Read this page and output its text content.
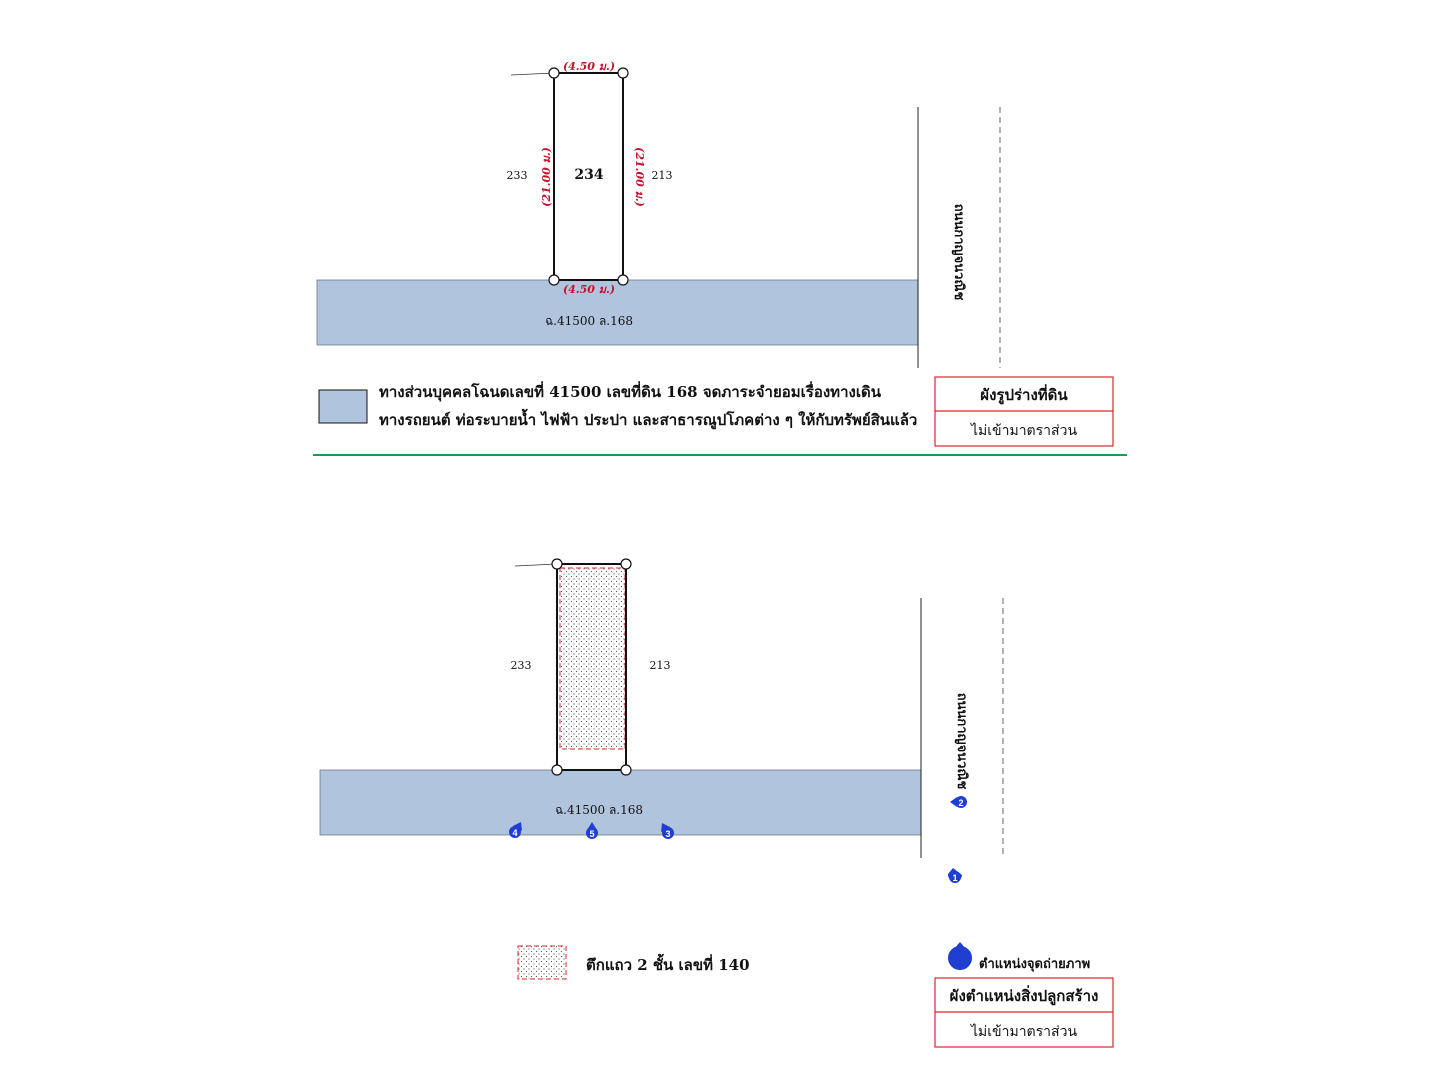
ฉ.41500 ล.168
(4.50 ม.)
(4.50 ม.)
(21.00 ม.)	(21.00 ม.)
234
233	213
ถนนกาญจนวณิช
ทางส่วนบุคคลโฉนดเลขที่ 41500 เลขที่ดิน 168 จดภาระจำยอมเรื่องทางเดิน
ทางรถยนต์ ท่อระบายน้ำ ไฟฟ้า ประปา และสาธารณูปโภคต่าง ๆ ให้กับทรัพย์สินแล้ว
ผังรูปร่างที่ดิน
ไม่เข้ามาตราส่วน
ฉ.41500 ล.168
233	213
ถนนกาญจนวณิช
1
2
3
4	5
ตึกแถว 2 ชั้น เลขที่ 140	ตำแหน่งจุดถ่ายภาพ
ผังตำแหน่งสิ่งปลูกสร้าง
ไม่เข้ามาตราส่วน
